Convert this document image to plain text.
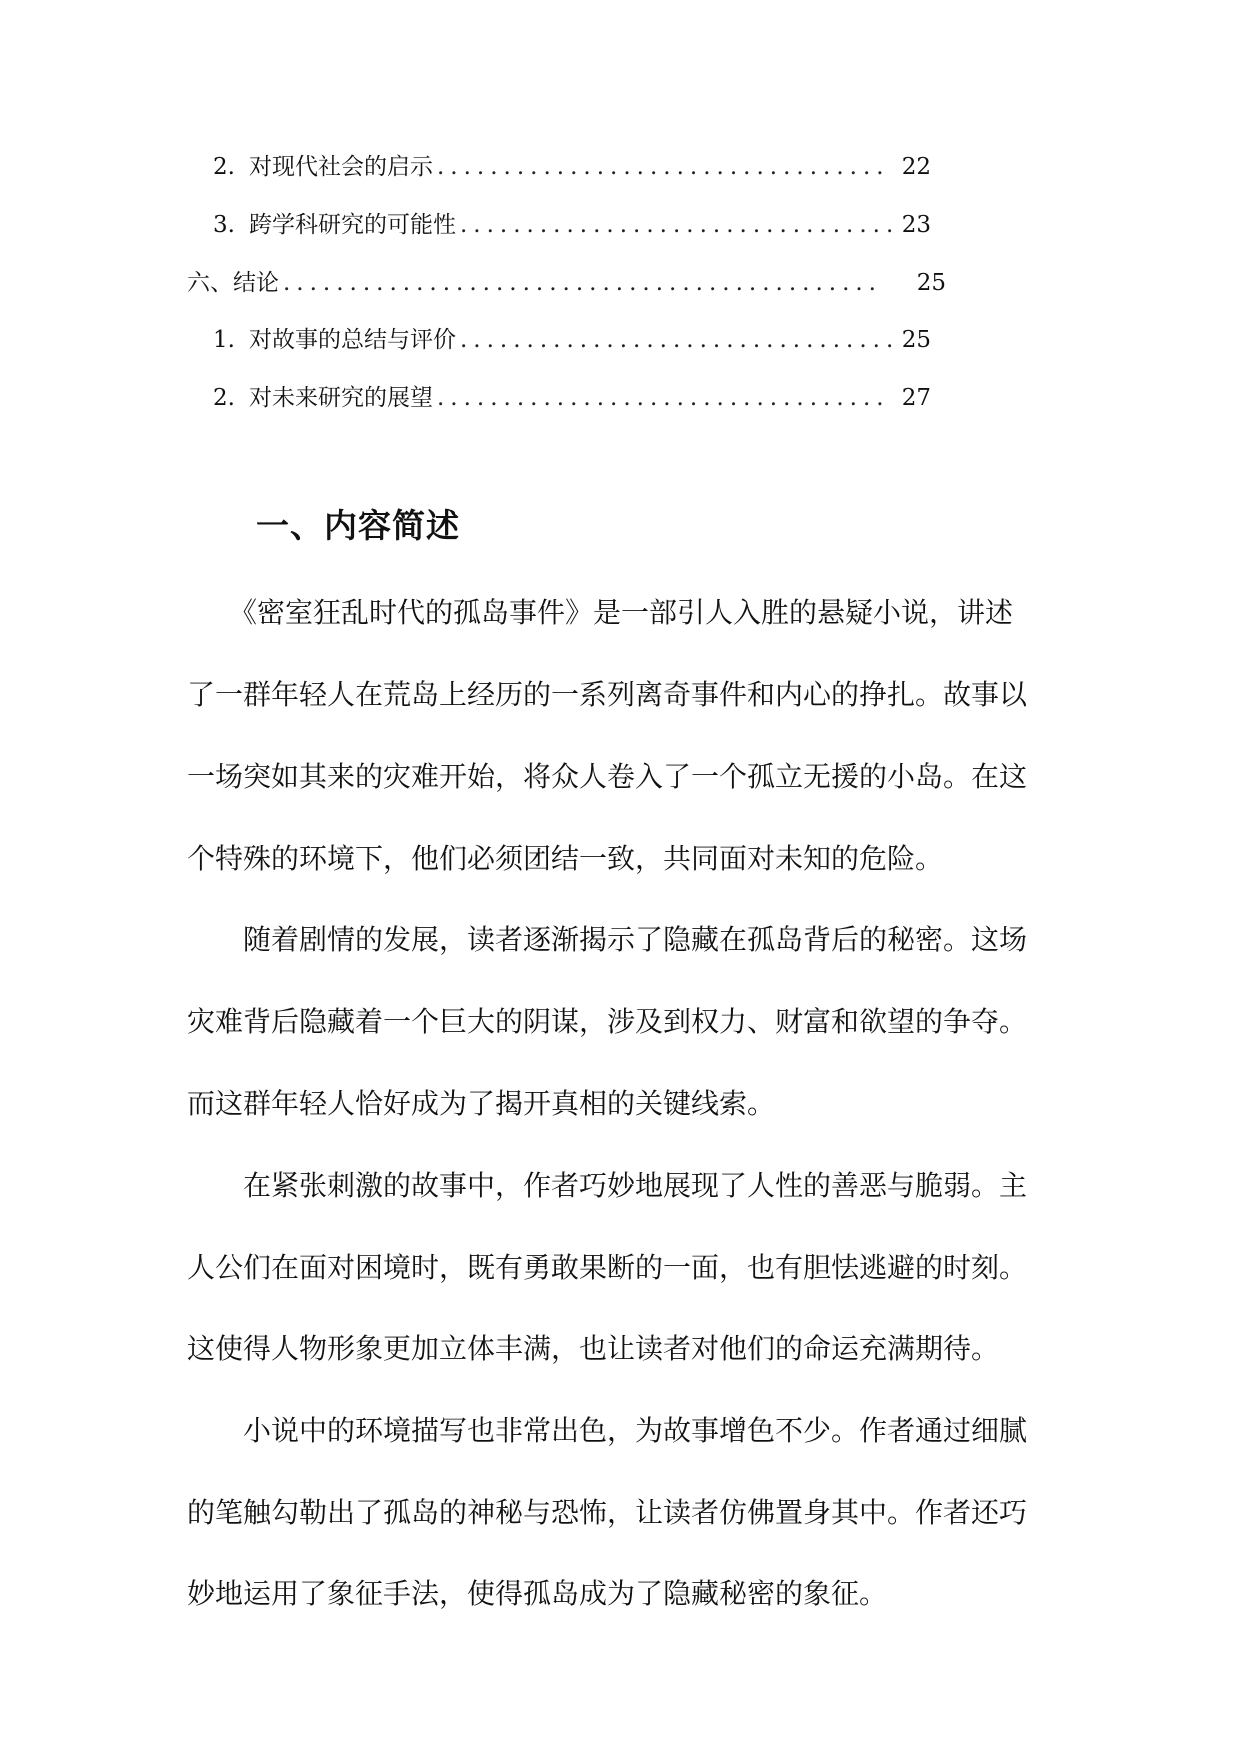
2. 对现代社会的启示 .................................. 22
3. 跨学科研究的可能性 ................................. 23
六、结论 .............................................	25
1. 对故事的总结与评价 ................................. 25
2. 对未来研究的展望 .................................. 27
一、内容简述
　　《密室狂乱时代的孤岛事件》是一部引人入胜的悬疑小说，讲述
了一群年轻人在荒岛上经历的一系列离奇事件和内心的挣扎。故事以
一场突如其来的灾难开始，将众人卷入了一个孤立无援的小岛。在这
个特殊的环境下，他们必须团结一致，共同面对未知的危险。
　　随着剧情的发展，读者逐渐揭示了隐藏在孤岛背后的秘密。这场
灾难背后隐藏着一个巨大的阴谋，涉及到权力、财富和欲望的争夺。
而这群年轻人恰好成为了揭开真相的关键线索。
　　在紧张刺激的故事中，作者巧妙地展现了人性的善恶与脆弱。主
人公们在面对困境时，既有勇敢果断的一面，也有胆怯逃避的时刻。
这使得人物形象更加立体丰满，也让读者对他们的命运充满期待。
　　小说中的环境描写也非常出色，为故事增色不少。作者通过细腻
的笔触勾勒出了孤岛的神秘与恐怖，让读者仿佛置身其中。作者还巧
妙地运用了象征手法，使得孤岛成为了隐藏秘密的象征。
